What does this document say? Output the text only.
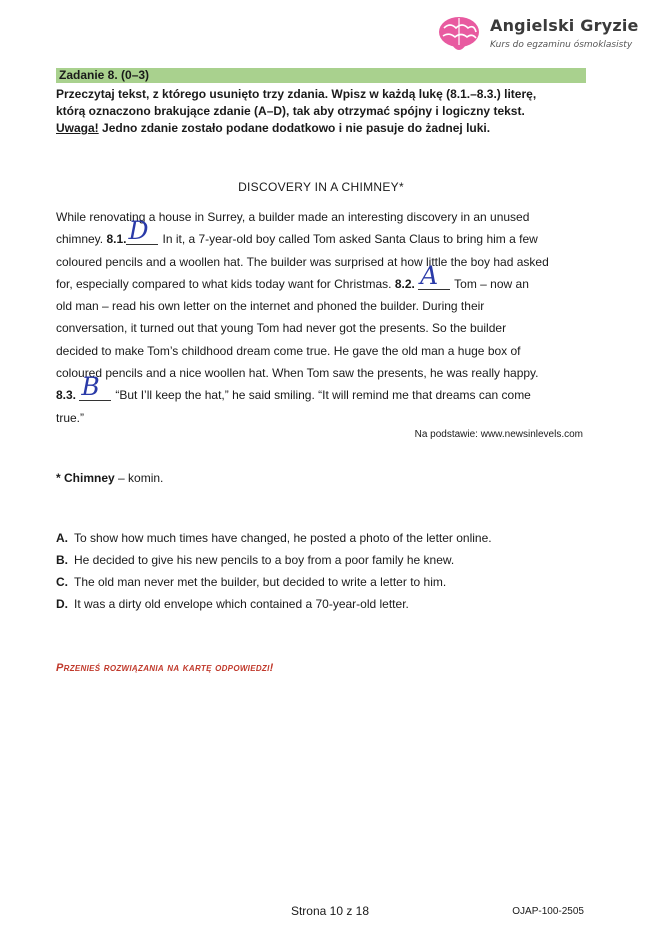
Angielski Gryzie
Kurs do egzaminu ósmoklasisty
Zadanie 8. (0–3)
Przeczytaj tekst, z którego usunięto trzy zdania. Wpisz w każdą lukę (8.1.–8.3.) literę,
którą oznaczono brakujące zdanie (A–D), tak aby otrzymać spójny i logiczny tekst.
Uwaga! Jedno zdanie zostało podane dodatkowo i nie pasuje do żadnej luki.
DISCOVERY IN A CHIMNEY*
While renovating a house in Surrey, a builder made an interesting discovery in an unused
chimney. 8.1. D In it, a 7-year-old boy called Tom asked Santa Claus to bring him a few
coloured pencils and a woollen hat. The builder was surprised at how little the boy had asked
for, especially compared to what kids today want for Christmas. 8.2. A Tom – now an
old man – read his own letter on the internet and phoned the builder. During their
conversation, it turned out that young Tom had never got the presents. So the builder
decided to make Tom’s childhood dream come true. He gave the old man a huge box of
coloured pencils and a nice woollen hat. When Tom saw the presents, he was really happy.
8.3. B “But I’ll keep the hat,” he said smiling. “It will remind me that dreams can come
true.”
Na podstawie: www.newsinlevels.com
* Chimney – komin.
A. To show how much times have changed, he posted a photo of the letter online.
B. He decided to give his new pencils to a boy from a poor family he knew.
C. The old man never met the builder, but decided to write a letter to him.
D. It was a dirty old envelope which contained a 70-year-old letter.
Przenieś rozwiązania na kartę odpowiedzi!
Strona 10 z 18	OJAP-100-2505
